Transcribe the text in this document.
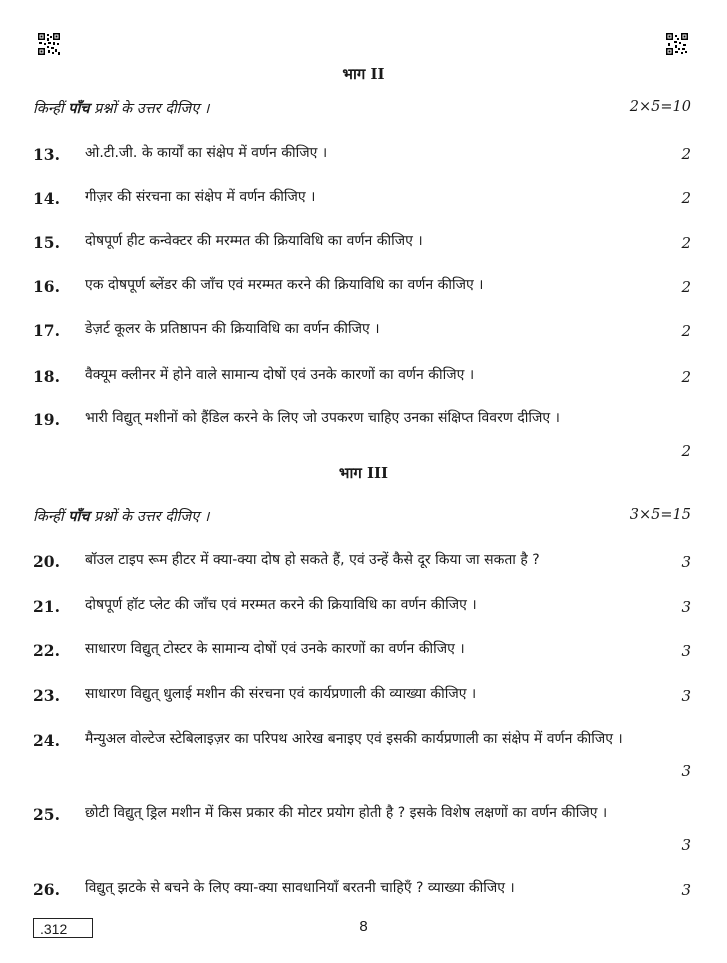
भाग II
किन्हीं पाँच प्रश्नों के उत्तर दीजिए ।	2×5=10
13. ओ.टी.जी. के कार्यों का संक्षेप में वर्णन कीजिए ।	2
14. गीज़र की संरचना का संक्षेप में वर्णन कीजिए ।	2
15. दोषपूर्ण हीट कन्वेक्टर की मरम्मत की क्रियाविधि का वर्णन कीजिए ।	2
16. एक दोषपूर्ण ब्लेंडर की जाँच एवं मरम्मत करने की क्रियाविधि का वर्णन कीजिए ।	2
17. डेज़र्ट कूलर के प्रतिष्ठापन की क्रियाविधि का वर्णन कीजिए ।	2
18. वैक्यूम क्लीनर में होने वाले सामान्य दोषों एवं उनके कारणों का वर्णन कीजिए ।	2
19. भारी विद्युत् मशीनों को हैंडिल करने के लिए जो उपकरण चाहिए उनका संक्षिप्त विवरण दीजिए ।
2
भाग III
किन्हीं पाँच प्रश्नों के उत्तर दीजिए ।	3×5=15
20. बॉउल टाइप रूम हीटर में क्या-क्या दोष हो सकते हैं, एवं उन्हें कैसे दूर किया जा सकता है ?	3
21. दोषपूर्ण हॉट प्लेट की जाँच एवं मरम्मत करने की क्रियाविधि का वर्णन कीजिए ।	3
22. साधारण विद्युत् टोस्टर के सामान्य दोषों एवं उनके कारणों का वर्णन कीजिए ।	3
23. साधारण विद्युत् धुलाई मशीन की संरचना एवं कार्यप्रणाली की व्याख्या कीजिए ।	3
24. मैन्युअल वोल्टेज स्टेबिलाइज़र का परिपथ आरेख बनाइए एवं इसकी कार्यप्रणाली का संक्षेप में वर्णन कीजिए ।
3
25. छोटी विद्युत् ड्रिल मशीन में किस प्रकार की मोटर प्रयोग होती है ? इसके विशेष लक्षणों का वर्णन कीजिए ।
3
26. विद्युत् झटके से बचने के लिए क्या-क्या सावधानियाँ बरतनी चाहिएँ ? व्याख्या कीजिए ।	3
.312	8
